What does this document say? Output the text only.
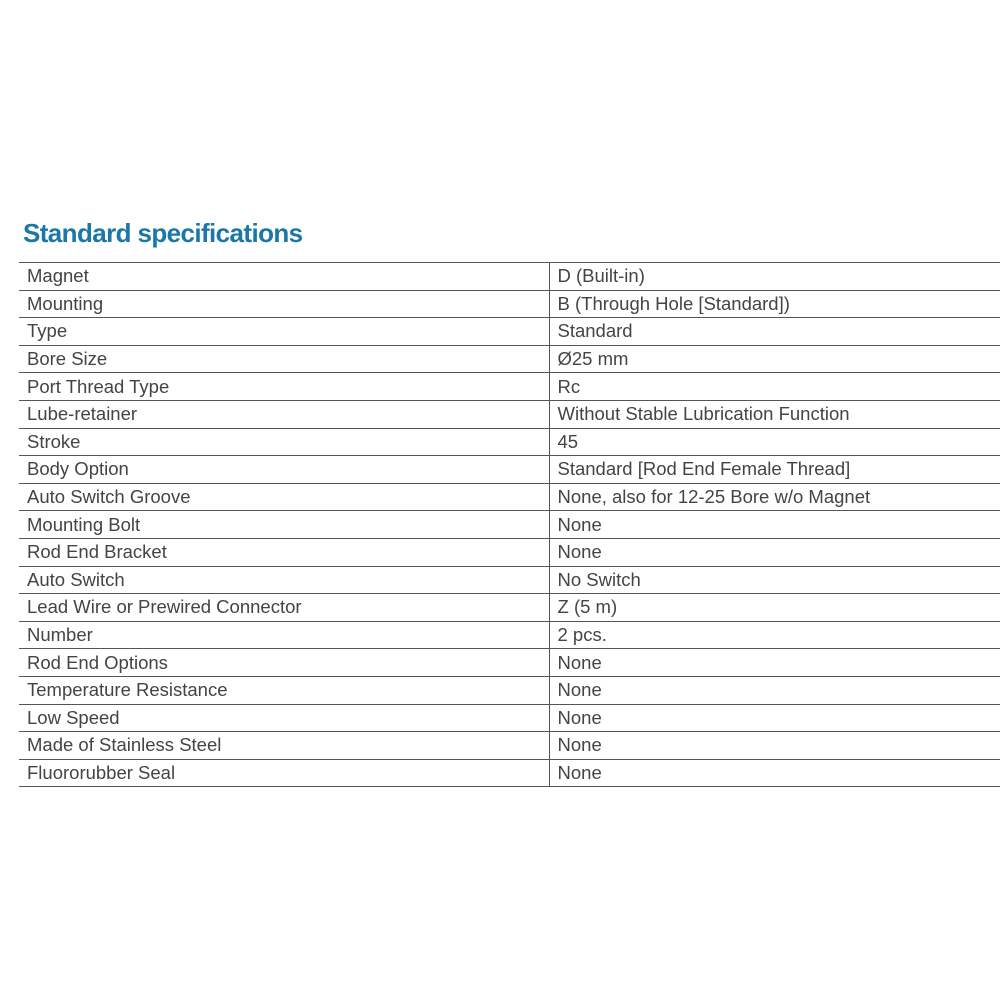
Standard specifications
Magnet	D (Built-in)
Mounting	B (Through Hole [Standard])
Type	Standard
Bore Size	Ø25 mm
Port Thread Type	Rc
Lube-retainer	Without Stable Lubrication Function
Stroke	45
Body Option	Standard [Rod End Female Thread]
Auto Switch Groove	None, also for 12-25 Bore w/o Magnet
Mounting Bolt	None
Rod End Bracket	None
Auto Switch	No Switch
Lead Wire or Prewired Connector	Z (5 m)
Number	2 pcs.
Rod End Options	None
Temperature Resistance	None
Low Speed	None
Made of Stainless Steel	None
Fluororubber Seal	None
